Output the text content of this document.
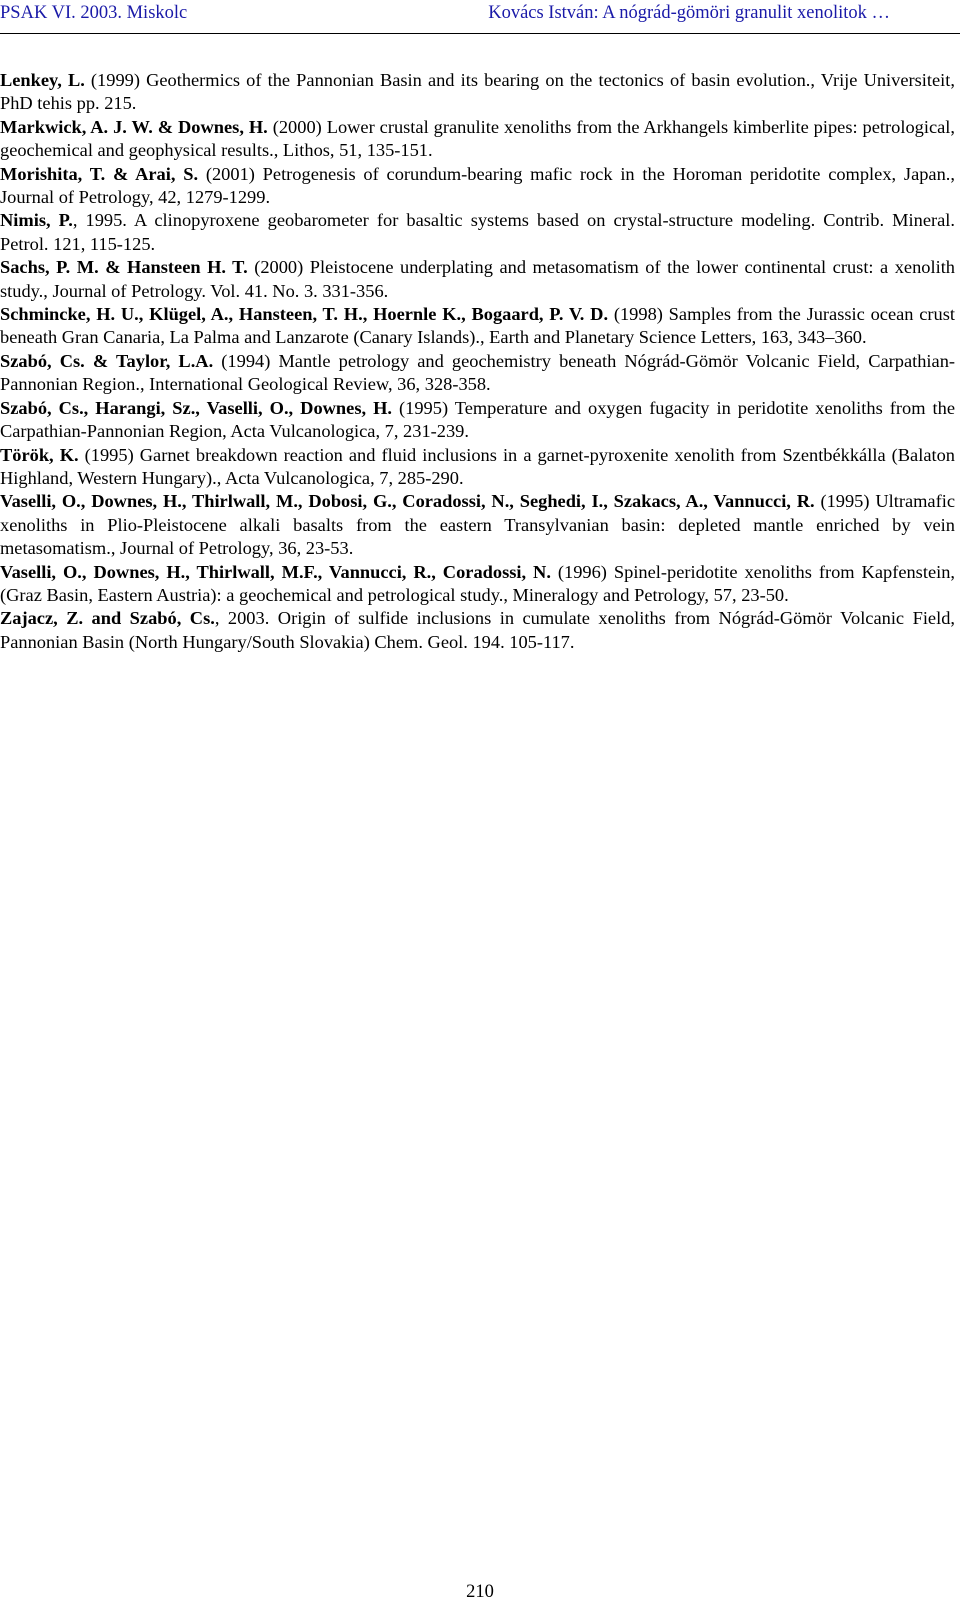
PSAK VI. 2003. Miskolc	Kovács István: A nógrád-gömöri granulit xenolitok …

Lenkey, L. (1999) Geothermics of the Pannonian Basin and its bearing on the tectonics of basin evolution., Vrije Universiteit, PhD tehis pp. 215.

Markwick, A. J. W. & Downes, H. (2000) Lower crustal granulite xenoliths from the Arkhangels kimberlite pipes: petrological, geochemical and geophysical results., Lithos, 51, 135-151.

Morishita, T. & Arai, S. (2001) Petrogenesis of corundum-bearing mafic rock in the Horoman peridotite complex, Japan., Journal of Petrology, 42, 1279-1299.

Nimis, P., 1995. A clinopyroxene geobarometer for basaltic systems based on crystal-structure modeling. Contrib. Mineral. Petrol. 121, 115-125.

Sachs, P. M. & Hansteen H. T. (2000) Pleistocene underplating and metasomatism of the lower continental crust: a xenolith study., Journal of Petrology. Vol. 41. No. 3. 331-356.

Schmincke, H. U., Klügel, A., Hansteen, T. H., Hoernle K., Bogaard, P. V. D. (1998) Samples from the Jurassic ocean crust beneath Gran Canaria, La Palma and Lanzarote (Canary Islands)., Earth and Planetary Science Letters, 163, 343–360.

Szabó, Cs. & Taylor, L.A. (1994) Mantle petrology and geochemistry beneath Nógrád-Gömör Volcanic Field, Carpathian-Pannonian Region., International Geological Review, 36, 328-358.

Szabó, Cs., Harangi, Sz., Vaselli, O., Downes, H. (1995) Temperature and oxygen fugacity in peridotite xenoliths from the Carpathian-Pannonian Region, Acta Vulcanologica, 7, 231-239.

Török, K. (1995) Garnet breakdown reaction and fluid inclusions in a garnet-pyroxenite xenolith from Szentbékkálla (Balaton Highland, Western Hungary)., Acta Vulcanologica, 7, 285-290.

Vaselli, O., Downes, H., Thirlwall, M., Dobosi, G., Coradossi, N., Seghedi, I., Szakacs, A., Vannucci, R. (1995) Ultramafic xenoliths in Plio-Pleistocene alkali basalts from the eastern Transylvanian basin: depleted mantle enriched by vein metasomatism., Journal of Petrology, 36, 23-53.

Vaselli, O., Downes, H., Thirlwall, M.F., Vannucci, R., Coradossi, N. (1996) Spinel-peridotite xenoliths from Kapfenstein, (Graz Basin, Eastern Austria): a geochemical and petrological study., Mineralogy and Petrology, 57, 23-50.

Zajacz, Z. and Szabó, Cs., 2003. Origin of sulfide inclusions in cumulate xenoliths from Nógrád-Gömör Volcanic Field, Pannonian Basin (North Hungary/South Slovakia) Chem. Geol. 194. 105-117.

210
